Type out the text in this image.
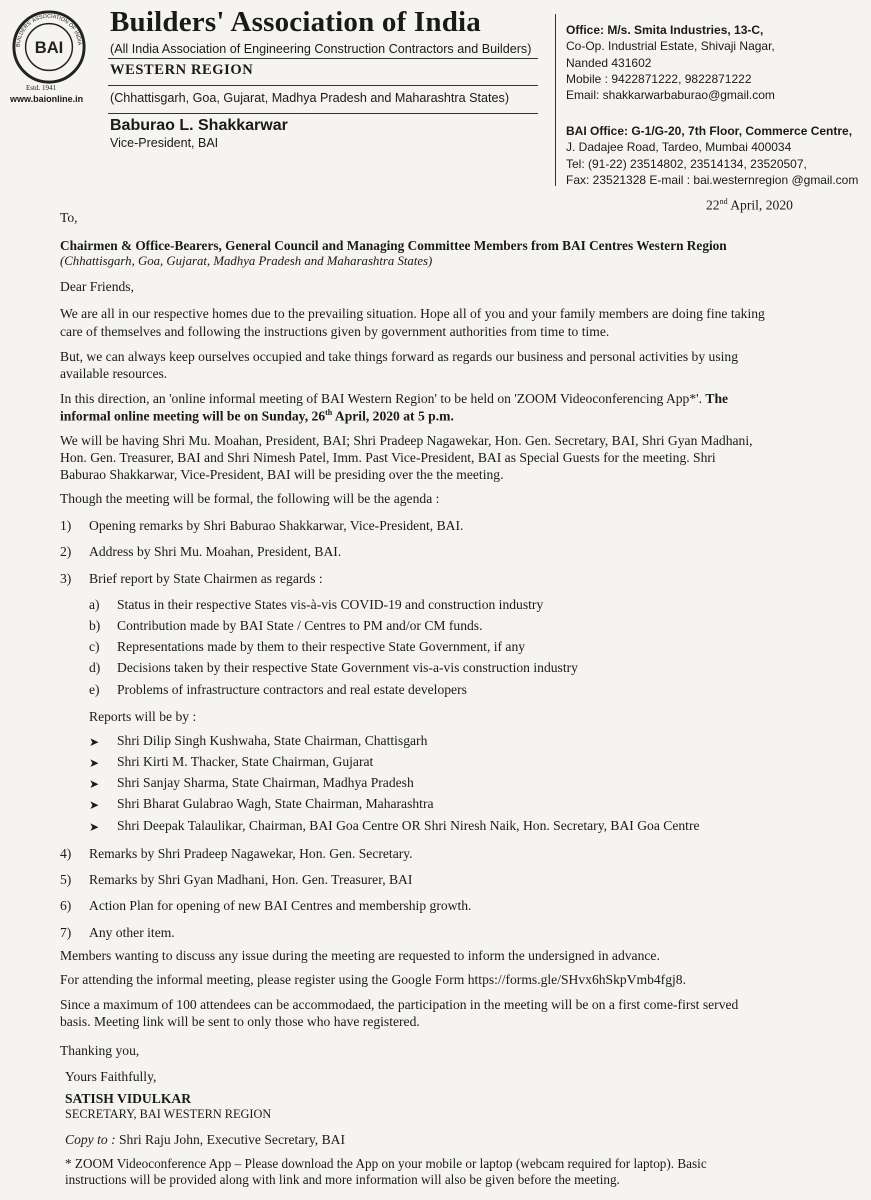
BUILDERS' ASSOCIATION OF INDIA
BAI
Estd. 1941
www.baionline.in
Builders' Association of India
(All India Association of Engineering Construction Contractors and Builders)
WESTERN REGION
(Chhattisgarh, Goa, Gujarat, Madhya Pradesh and Maharashtra States)
Baburao L. Shakkarwar
Vice-President, BAI
Office: M/s. Smita Industries, 13-C,
Co-Op. Industrial Estate, Shivaji Nagar,
Nanded 431602
Mobile : 9422871222, 9822871222
Email: shakkarwarbaburao@gmail.com
BAI Office: G-1/G-20, 7th Floor, Commerce Centre,
J. Dadajee Road, Tardeo, Mumbai 400034
Tel: (91-22) 23514802, 23514134, 23520507,
Fax: 23521328 E-mail : bai.westernregion @gmail.com
22nd April, 2020
To,
Chairmen & Office-Bearers, General Council and Managing Committee Members from BAI Centres Western Region
(Chhattisgarh, Goa, Gujarat, Madhya Pradesh and Maharashtra States)
Dear Friends,
We are all in our respective homes due to the prevailing situation. Hope all of you and your family members are doing fine taking
care of themselves and following the instructions given by government authorities from time to time.
But, we can always keep ourselves occupied and take things forward as regards our business and personal activities by using
available resources.
In this direction, an 'online informal meeting of BAI Western Region' to be held on 'ZOOM Videoconferencing App*'. The
informal online meeting will be on Sunday, 26th April, 2020 at 5 p.m.
We will be having Shri Mu. Moahan, President, BAI; Shri Pradeep Nagawekar, Hon. Gen. Secretary, BAI, Shri Gyan Madhani,
Hon. Gen. Treasurer, BAI and Shri Nimesh Patel, Imm. Past Vice-President, BAI as Special Guests for the meeting. Shri
Baburao Shakkarwar, Vice-President, BAI will be presiding over the the meeting.
Though the meeting will be formal, the following will be the agenda :
1) Opening remarks by Shri Baburao Shakkarwar, Vice-President, BAI.
2) Address by Shri Mu. Moahan, President, BAI.
3) Brief report by State Chairmen as regards :
a) Status in their respective States vis-à-vis COVID-19 and construction industry
b) Contribution made by BAI State / Centres to PM and/or CM funds.
c) Representations made by them to their respective State Government, if any
d) Decisions taken by their respective State Government vis-a-vis construction industry
e) Problems of infrastructure contractors and real estate developers
Reports will be by :
➤ Shri Dilip Singh Kushwaha, State Chairman, Chattisgarh
➤ Shri Kirti M. Thacker, State Chairman, Gujarat
➤ Shri Sanjay Sharma, State Chairman, Madhya Pradesh
➤ Shri Bharat Gulabrao Wagh, State Chairman, Maharashtra
➤ Shri Deepak Talaulikar, Chairman, BAI Goa Centre OR Shri Niresh Naik, Hon. Secretary, BAI Goa Centre
4) Remarks by Shri Pradeep Nagawekar, Hon. Gen. Secretary.
5) Remarks by Shri Gyan Madhani, Hon. Gen. Treasurer, BAI
6) Action Plan for opening of new BAI Centres and membership growth.
7) Any other item.
Members wanting to discuss any issue during the meeting are requested to inform the undersigned in advance.
For attending the informal meeting, please register using the Google Form https://forms.gle/SHvx6hSkpVmb4fgj8.
Since a maximum of 100 attendees can be accommodaed, the participation in the meeting will be on a first come-first served
basis. Meeting link will be sent to only those who have registered.
Thanking you,
Yours Faithfully,
SATISH VIDULKAR
SECRETARY, BAI WESTERN REGION
Copy to : Shri Raju John, Executive Secretary, BAI
* ZOOM Videoconference App – Please download the App on your mobile or laptop (webcam required for laptop). Basic
instructions will be provided along with link and more information will also be given before the meeting.
